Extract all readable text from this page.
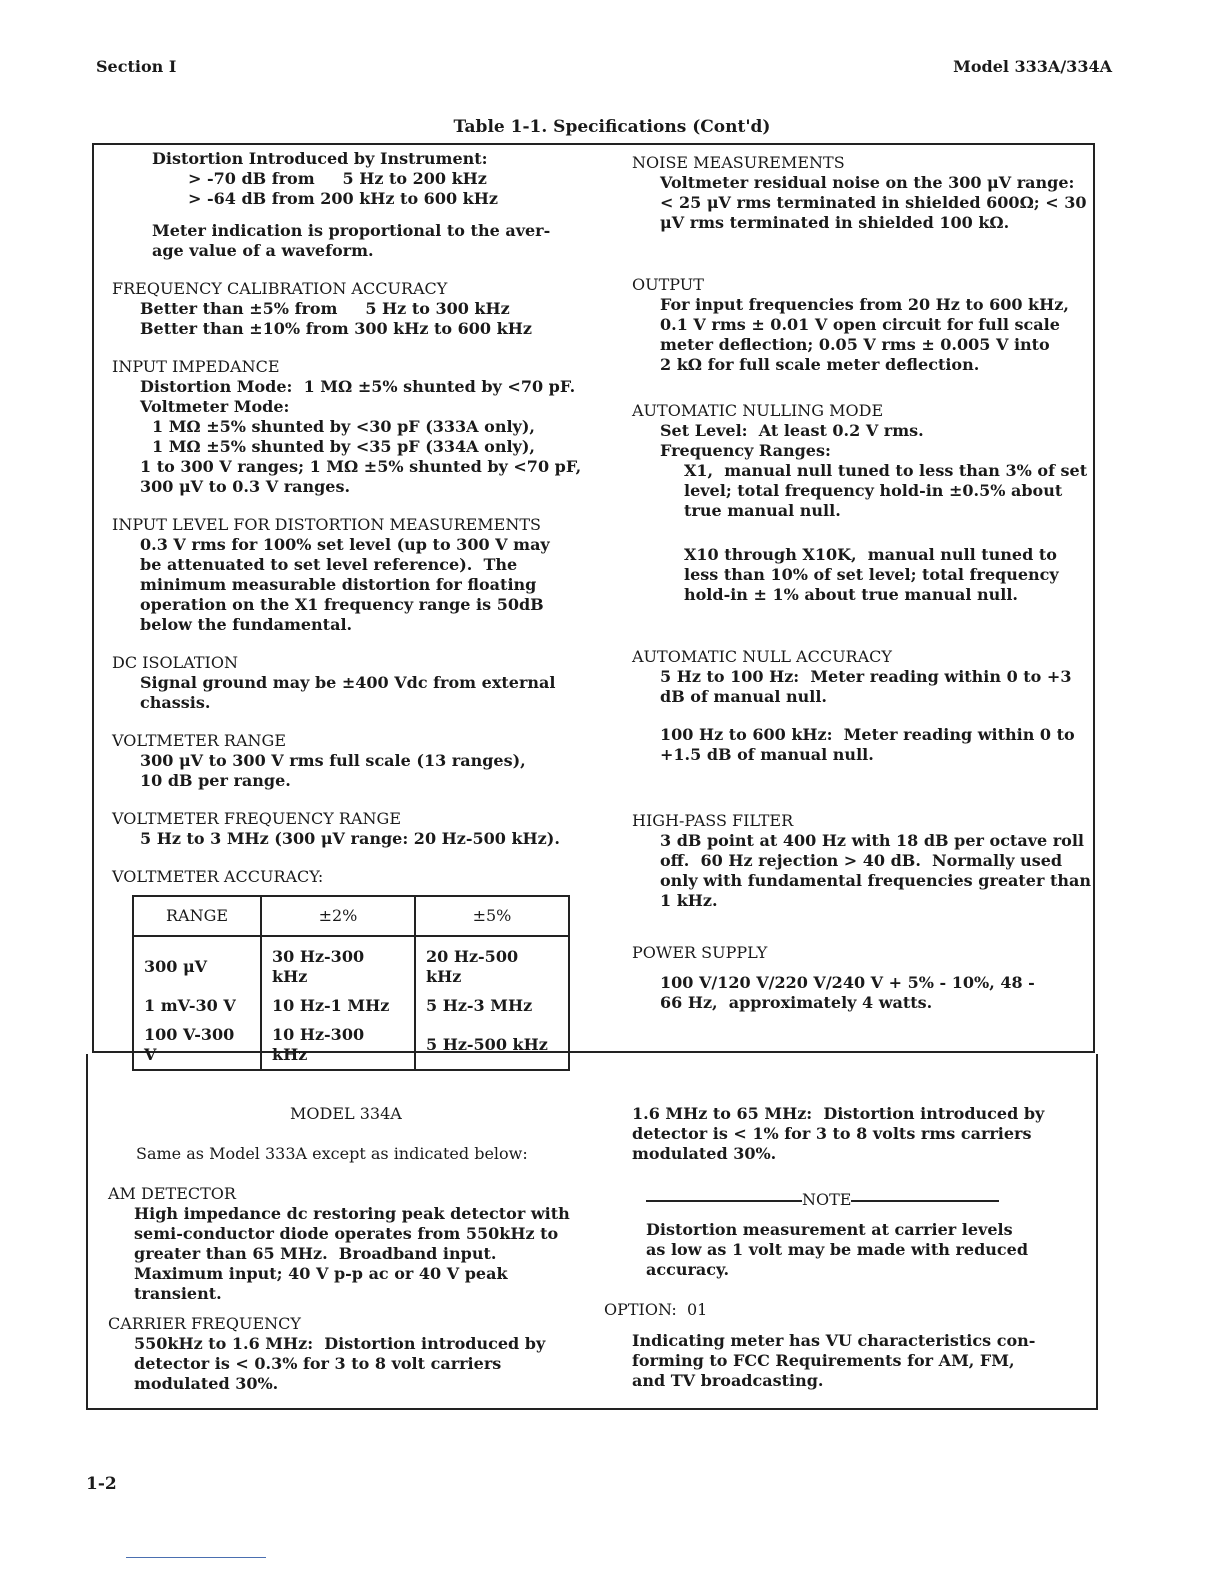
Section I	Model 333A/334A
Table 1-1. Specifications (Cont'd)

Distortion Introduced by Instrument:

> -70 dB from     5 Hz to 200 kHz

> -64 dB from 200 kHz to 600 kHz

Meter indication is proportional to the aver-

age value of a waveform.

FREQUENCY CALIBRATION ACCURACY

Better than ±5% from     5 Hz to 300 kHz

Better than ±10% from 300 kHz to 600 kHz

INPUT IMPEDANCE

Distortion Mode:  1 MΩ ±5% shunted by <70 pF.

Voltmeter Mode:

1 MΩ ±5% shunted by <30 pF (333A only),

1 MΩ ±5% shunted by <35 pF (334A only),

1 to 300 V ranges; 1 MΩ ±5% shunted by <70 pF,

300 μV to 0.3 V ranges.

INPUT LEVEL FOR DISTORTION MEASUREMENTS

0.3 V rms for 100% set level (up to 300 V may

be attenuated to set level reference).  The

minimum measurable distortion for floating

operation on the X1 frequency range is 50dB

below the fundamental.

DC ISOLATION

Signal ground may be ±400 Vdc from external

chassis.

VOLTMETER RANGE

300 μV to 300 V rms full scale (13 ranges),

10 dB per range.

VOLTMETER FREQUENCY RANGE

5 Hz to 3 MHz (300 μV range: 20 Hz-500 kHz).

VOLTMETER ACCURACY:

RANGE	±2%	±5%
300 μV	30 Hz-300 kHz	20 Hz-500 kHz
1 mV-30 V	10 Hz-1 MHz	5 Hz-3 MHz
100 V-300 V	10 Hz-300 kHz	5 Hz-500 kHz

NOISE MEASUREMENTS

Voltmeter residual noise on the 300 μV range:

< 25 μV rms terminated in shielded 600Ω; < 30

μV rms terminated in shielded 100 kΩ.

OUTPUT

For input frequencies from 20 Hz to 600 kHz,

0.1 V rms ± 0.01 V open circuit for full scale

meter deflection; 0.05 V rms ± 0.005 V into

2 kΩ for full scale meter deflection.

AUTOMATIC NULLING MODE

Set Level:  At least 0.2 V rms.

Frequency Ranges:

X1,  manual null tuned to less than 3% of set

level; total frequency hold-in ±0.5% about

true manual null.

X10 through X10K,  manual null tuned to

less than 10% of set level; total frequency

hold-in ± 1% about true manual null.

AUTOMATIC NULL ACCURACY

5 Hz to 100 Hz:  Meter reading within 0 to +3

dB of manual null.

100 Hz to 600 kHz:  Meter reading within 0 to

+1.5 dB of manual null.

HIGH-PASS FILTER

3 dB point at 400 Hz with 18 dB per octave roll

off.  60 Hz rejection > 40 dB.  Normally used

only with fundamental frequencies greater than

1 kHz.

POWER SUPPLY

100 V/120 V/220 V/240 V + 5% - 10%, 48 -

66 Hz,  approximately 4 watts.

MODEL 334A

Same as Model 333A except as indicated below:

AM DETECTOR

High impedance dc restoring peak detector with

semi-conductor diode operates from 550kHz to

greater than 65 MHz.  Broadband input.

Maximum input; 40 V p-p ac or 40 V peak

transient.

CARRIER FREQUENCY

550kHz to 1.6 MHz:  Distortion introduced by

detector is < 0.3% for 3 to 8 volt carriers

modulated 30%.

1.6 MHz to 65 MHz:  Distortion introduced by

detector is < 1% for 3 to 8 volts rms carriers

modulated 30%.

NOTE

Distortion measurement at carrier levels

as low as 1 volt may be made with reduced

accuracy.

OPTION:  01

Indicating meter has VU characteristics con-

forming to FCC Requirements for AM, FM,

and TV broadcasting.

1-2
